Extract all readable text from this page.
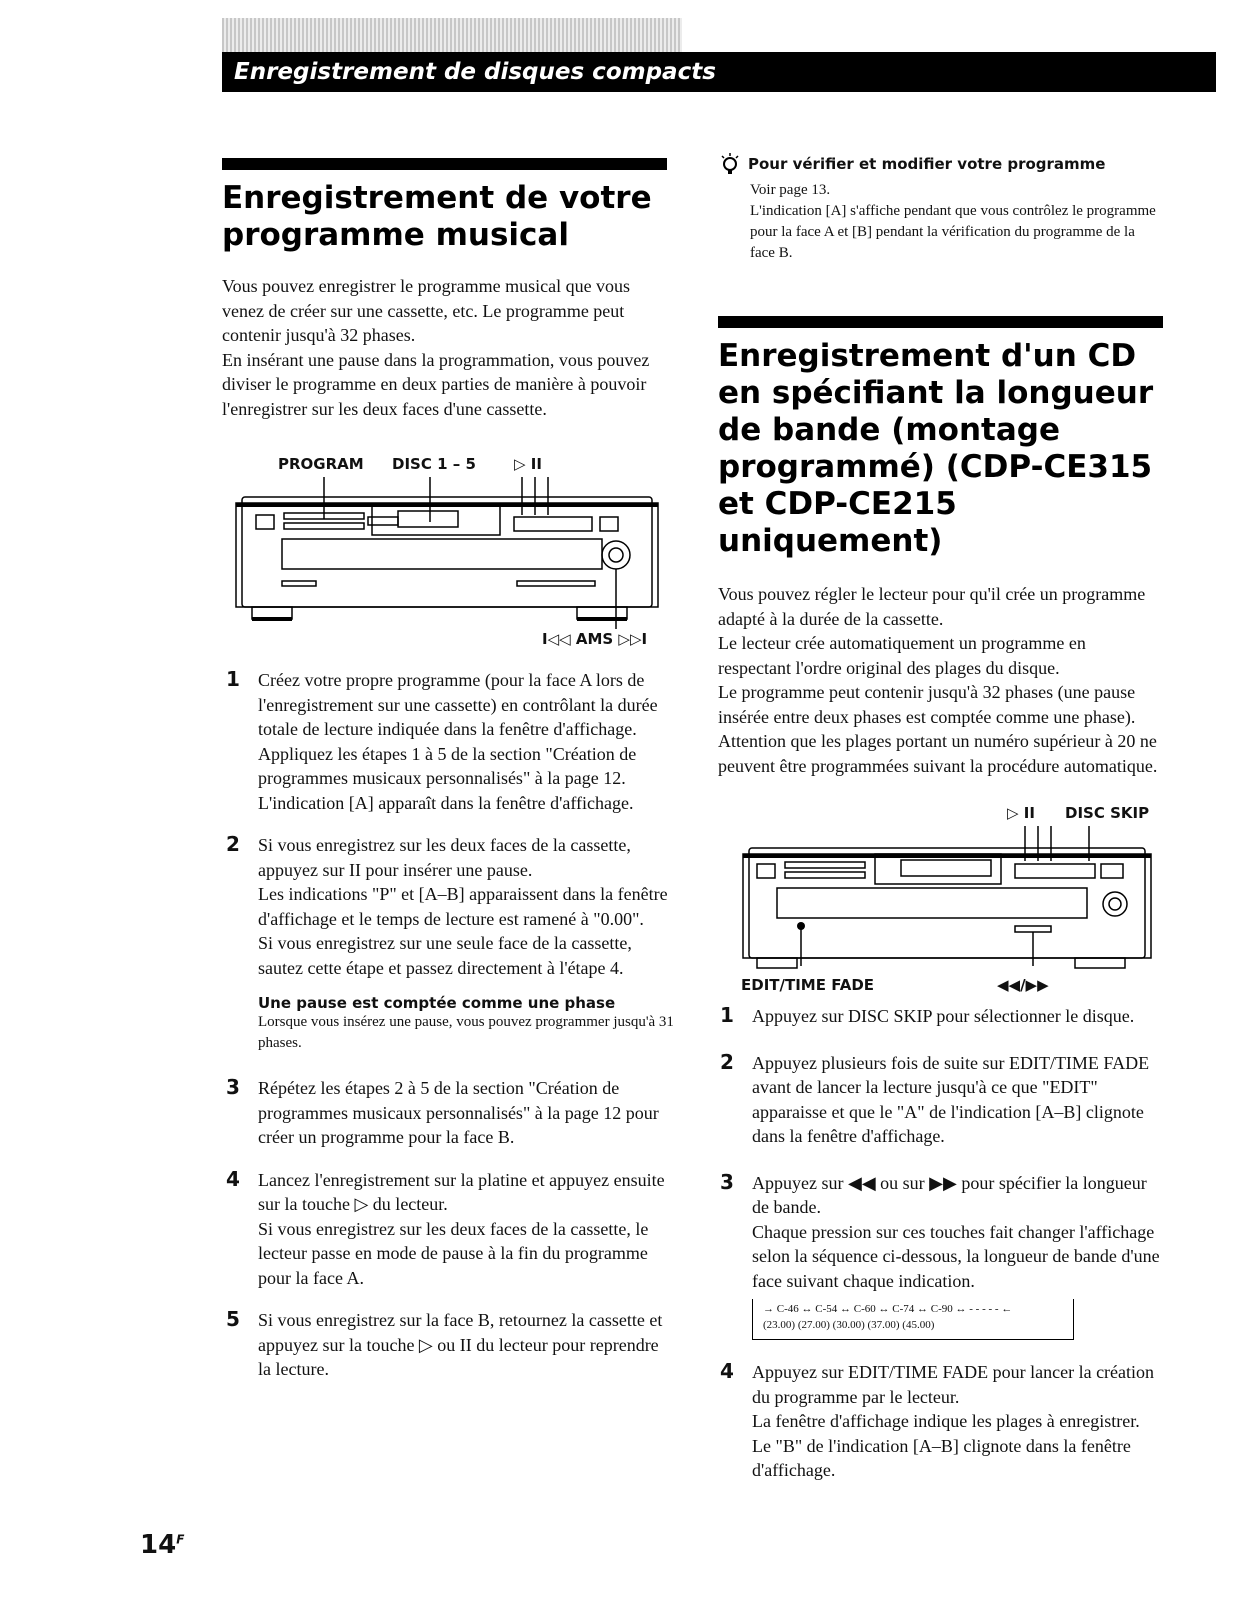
Enregistrement de disques compacts
Enregistrement de votre programme musical

Vous pouvez enregistrer le programme musical que vous venez de créer sur une cassette, etc. Le programme peut contenir jusqu'à 32 phases.

En insérant une pause dans la programmation, vous pouvez diviser le programme en deux parties de manière à pouvoir l'enregistrer sur les deux faces d'une cassette.

PROGRAM DISC 1 – 5	▷ II
I◁◁ AMS ▷▷I
1 Créez votre propre programme (pour la face A lors de l'enregistrement sur une cassette) en contrôlant la durée totale de lecture indiquée dans la fenêtre d'affichage.
Appliquez les étapes 1 à 5 de la section "Création de programmes musicaux personnalisés" à la page 12.
L'indication [A] apparaît dans la fenêtre d'affichage.
2 Si vous enregistrez sur les deux faces de la cassette, appuyez sur II pour insérer une pause.
Les indications "P" et [A–B] apparaissent dans la fenêtre d'affichage et le temps de lecture est ramené à "0.00".
Si vous enregistrez sur une seule face de la cassette, sautez cette étape et passez directement à l'étape 4.
Une pause est comptée comme une phase
Lorsque vous insérez une pause, vous pouvez programmer jusqu'à 31 phases.
3 Répétez les étapes 2 à 5 de la section "Création de programmes musicaux personnalisés" à la page 12 pour créer un programme pour la face B.
4 Lancez l'enregistrement sur la platine et appuyez ensuite sur la touche ▷ du lecteur.
Si vous enregistrez sur les deux faces de la cassette, le lecteur passe en mode de pause à la fin du programme pour la face A.
5 Si vous enregistrez sur la face B, retournez la cassette et appuyez sur la touche ▷ ou II du lecteur pour reprendre la lecture.
Pour vérifier et modifier votre programme
Voir page 13.
L'indication [A] s'affiche pendant que vous contrôlez le programme pour la face A et [B] pendant la vérification du programme de la face B.
Enregistrement d'un CD en spécifiant la longueur de bande (montage programmé) (CDP-CE315 et CDP-CE215 uniquement)

Vous pouvez régler le lecteur pour qu'il crée un programme adapté à la durée de la cassette.

Le lecteur crée automatiquement un programme en respectant l'ordre original des plages du disque.

Le programme peut contenir jusqu'à 32 phases (une pause insérée entre deux phases est comptée comme une phase).

Attention que les plages portant un numéro supérieur à 20 ne peuvent être programmées suivant la procédure automatique.

▷ II DISC SKIP
EDIT/TIME FADE	◀◀/▶▶
1 Appuyez sur DISC SKIP pour sélectionner le disque.
2 Appuyez plusieurs fois de suite sur EDIT/TIME FADE avant de lancer la lecture jusqu'à ce que "EDIT" apparaisse et que le "A" de l'indication [A–B] clignote dans la fenêtre d'affichage.
3 Appuyez sur ◀◀ ou sur ▶▶ pour spécifier la longueur de bande.
Chaque pression sur ces touches fait changer l'affichage selon la séquence ci-dessous, la longueur de bande d'une face suivant chaque indication.
→ C-46 ↔ C-54 ↔ C-60 ↔ C-74 ↔ C-90 ↔ - - - - - ←
(23.00) (27.00) (30.00) (37.00) (45.00)
4 Appuyez sur EDIT/TIME FADE pour lancer la création du programme par le lecteur.
La fenêtre d'affichage indique les plages à enregistrer. Le "B" de l'indication [A–B] clignote dans la fenêtre d'affichage.
$14^F$
